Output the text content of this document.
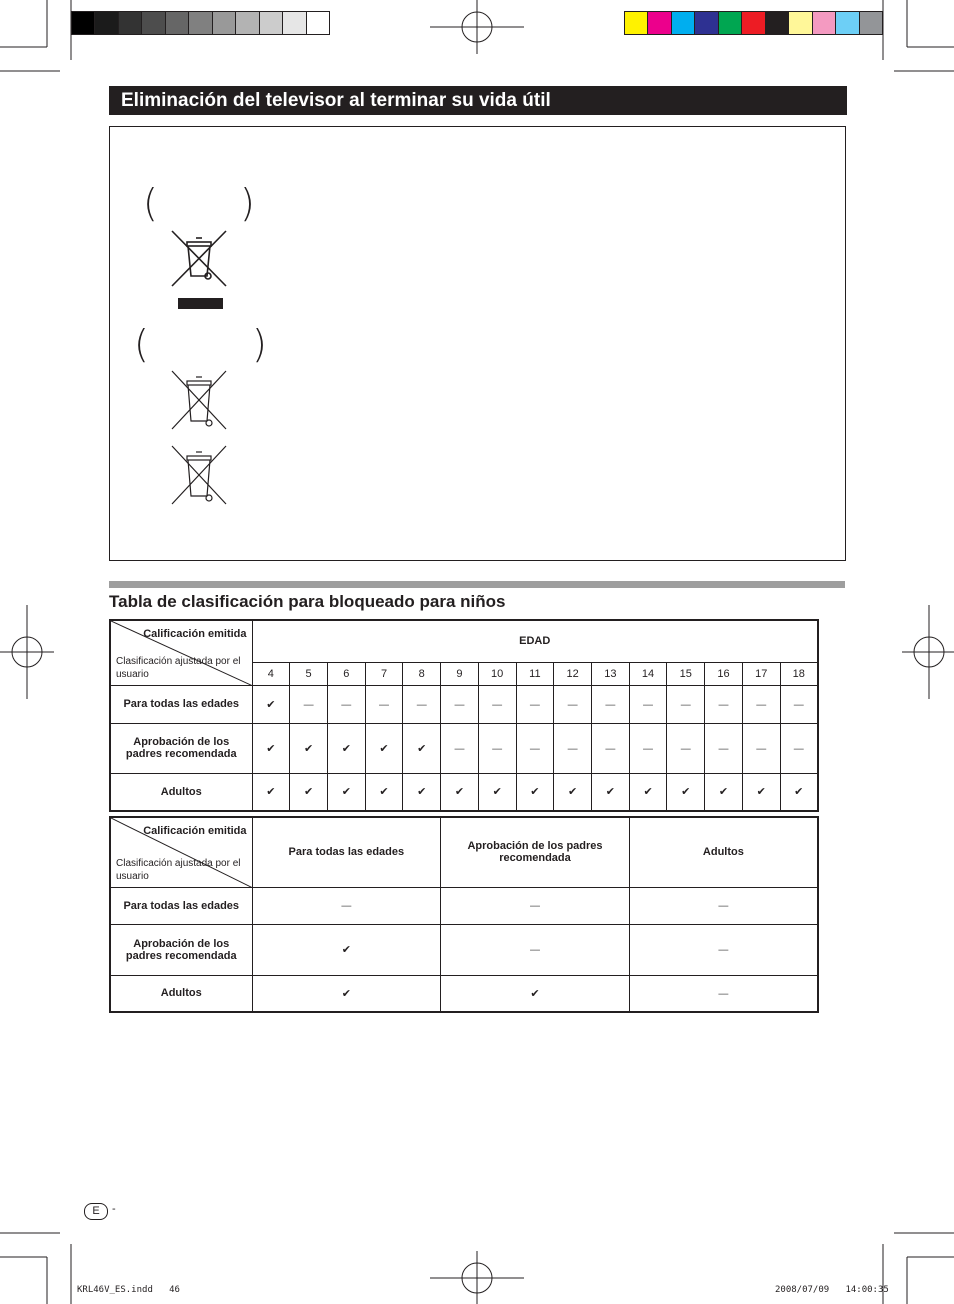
Eliminación del televisor al terminar su vida útil
( )
(	)
Tabla de clasificación para bloqueado para niños
Calificación emitida
Clasificación ajustada por el usuario	EDAD														
	4	5	6	7	8	9	10	11	12	13	14	15	16	17	18
Para todas las edades	✔	—	—	—	—	—	—	—	—	—	—	—	—	—	—
Aprobación de los padres recomendada	✔	✔	✔	✔	✔	—	—	—	—	—	—	—	—	—	—
Adultos	✔	✔	✔	✔	✔	✔	✔	✔	✔	✔	✔	✔	✔	✔	✔
Calificación emitida
Clasificación ajustada por el usuario	Para todas las edades	Aprobación de los padres recomendada	Adultos
Para todas las edades	—	—	—
Aprobación de los padres recomendada	✔	—	—
Adultos	✔	✔	—
E	-
KRL46V_ES.indd   46	2008/07/09   14:00:35
